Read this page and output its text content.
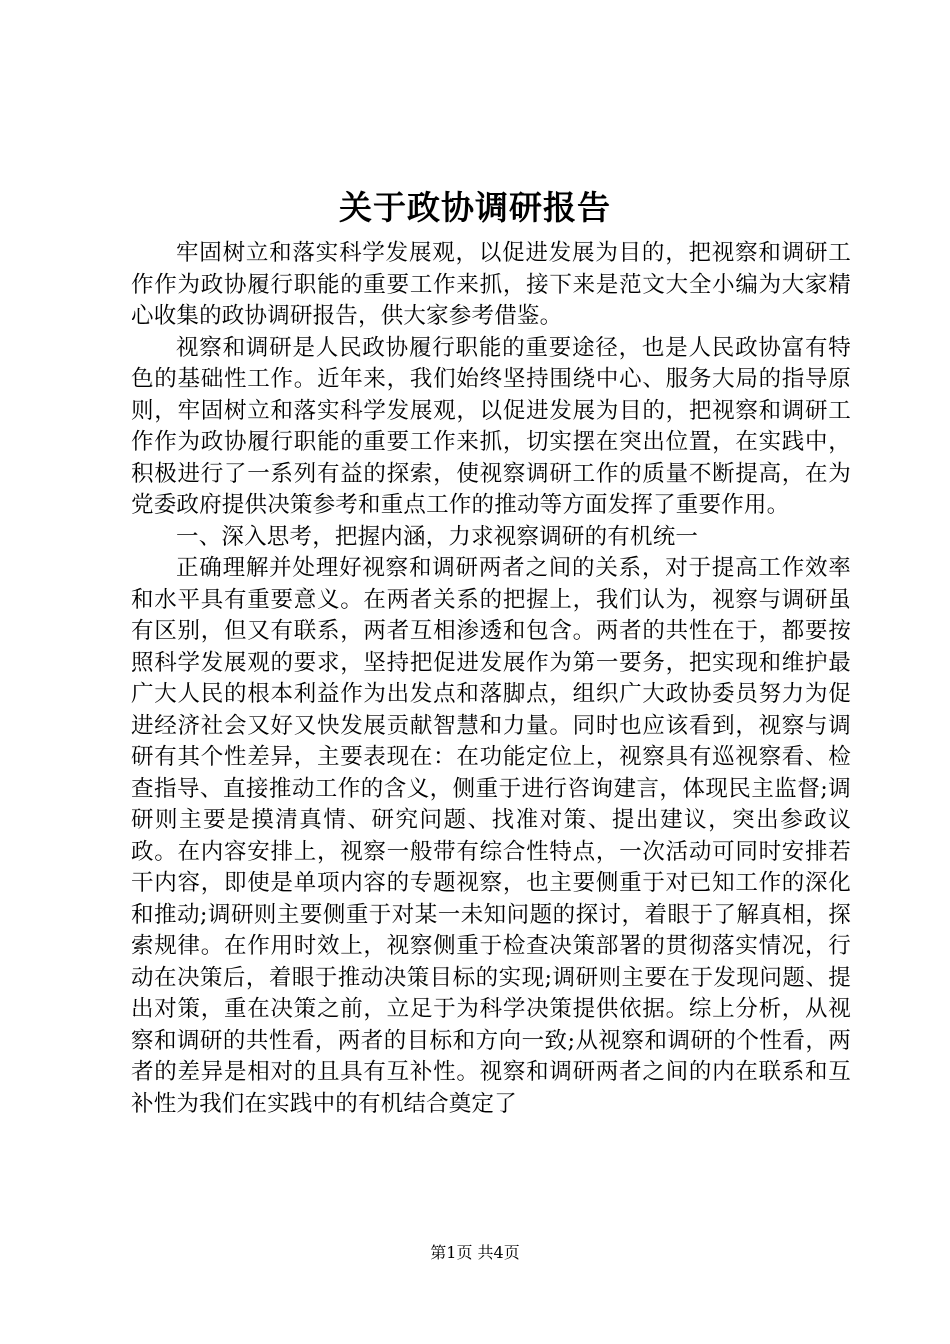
关于政协调研报告

牢固树立和落实科学发展观，以促进发展为目的，把视察和调研工作作为政协履行职能的重要工作来抓，接下来是范文大全小编为大家精心收集的政协调研报告，供大家参考借鉴。

视察和调研是人民政协履行职能的重要途径，也是人民政协富有特色的基础性工作。近年来，我们始终坚持围绕中心、服务大局的指导原则，牢固树立和落实科学发展观，以促进发展为目的，把视察和调研工作作为政协履行职能的重要工作来抓，切实摆在突出位置，在实践中，积极进行了一系列有益的探索，使视察调研工作的质量不断提高，在为党委政府提供决策参考和重点工作的推动等方面发挥了重要作用。

一、深入思考，把握内涵，力求视察调研的有机统一

正确理解并处理好视察和调研两者之间的关系，对于提高工作效率和水平具有重要意义。在两者关系的把握上，我们认为，视察与调研虽有区别，但又有联系，两者互相渗透和包含。两者的共性在于，都要按照科学发展观的要求，坚持把促进发展作为第一要务，把实现和维护最广大人民的根本利益作为出发点和落脚点，组织广大政协委员努力为促进经济社会又好又快发展贡献智慧和力量。同时也应该看到，视察与调研有其个性差异，主要表现在：在功能定位上，视察具有巡视察看、检查指导、直接推动工作的含义，侧重于进行咨询建言，体现民主监督;调研则主要是摸清真情、研究问题、找准对策、提出建议，突出参政议政。在内容安排上，视察一般带有综合性特点，一次活动可同时安排若干内容，即使是单项内容的专题视察，也主要侧重于对已知工作的深化和推动;调研则主要侧重于对某一未知问题的探讨，着眼于了解真相，探索规律。在作用时效上，视察侧重于检查决策部署的贯彻落实情况，行动在决策后，着眼于推动决策目标的实现;调研则主要在于发现问题、提出对策，重在决策之前，立足于为科学决策提供依据。综上分析，从视察和调研的共性看，两者的目标和方向一致;从视察和调研的个性看，两者的差异是相对的且具有互补性。视察和调研两者之间的内在联系和互补性为我们在实践中的有机结合奠定了

第1页 共4页
